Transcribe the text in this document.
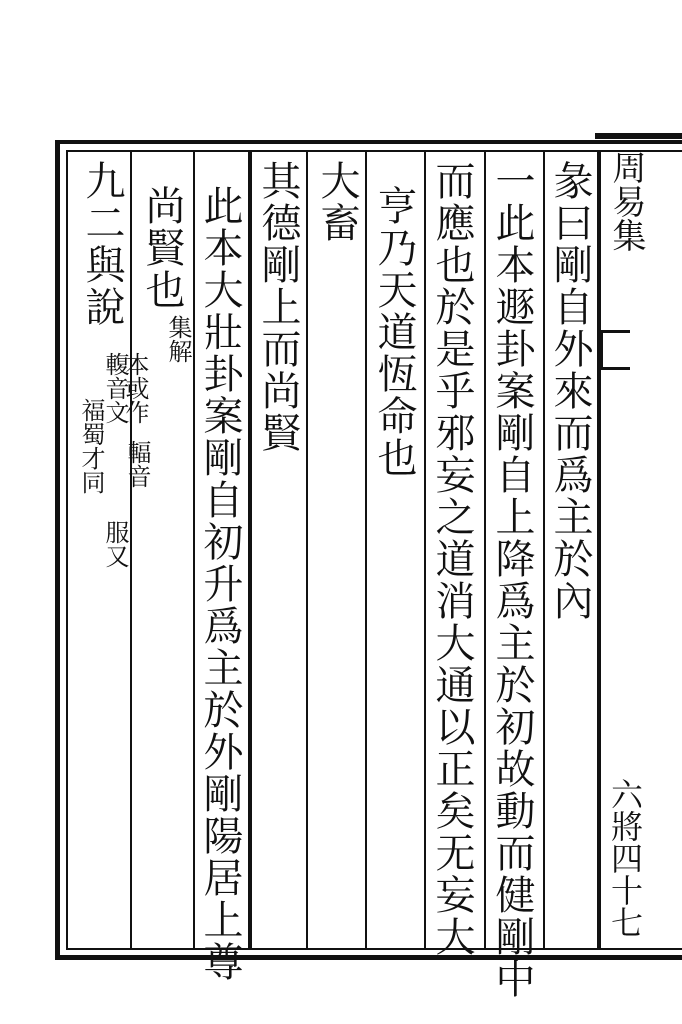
彖曰剛自外來而爲主於內
一此本遯卦案剛自上降爲主於初故動而健剛中
而應也於是乎邪妄之道消大通以正矣无妄大
亨乃天道恆命也
大畜
其德剛上而尚賢
此本大壯卦案剛自初升爲主於外剛陽居上尊
尚賢也
集解
九二與說
輹音
福蜀才同
本或作
輻音
文
服又
周易集
六將四十七
